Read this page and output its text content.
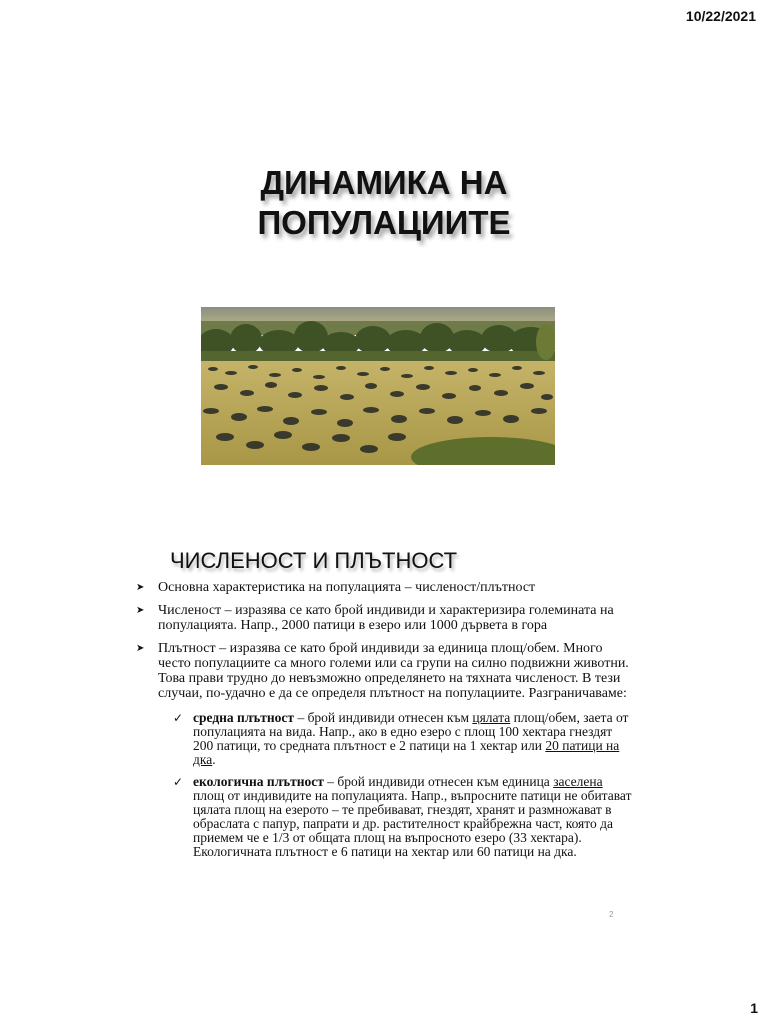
10/22/2021
ДИНАМИКА НА
ПОПУЛАЦИИТЕ
ЧИСЛЕНОСТ И ПЛЪТНОСТ
➤ Основна характеристика на популацията – численост/плътност
➤ Численост – изразява се като брой индивиди и характеризира големината на популацията. Напр., 2000 патици в езеро или 1000 дървета в гора
➤ Плътност – изразява се като брой индивиди за единица площ/обем. Много често популациите са много големи или са групи на силно подвижни животни. Това прави трудно до невъзможно определянето на тяхната численост. В тези случаи, по-удачно е да се определя плътност на популациите. Разграничаваме:
✓ средна плътност – брой индивиди отнесен към цялата площ/обем, заета от популацията на вида. Напр., ако в едно езеро с площ 100 хектара гнездят 200 патици, то средната плътност е 2 патици на 1 хектар или 20 патици на дка.
✓ екологична плътност – брой индивиди отнесен към единица заселена площ от индивидите на популацията. Напр., въпросните патици не обитават цялата площ на езерото – те пребивават, гнездят, хранят и размножават в обраслата с папур, папрати и др. растителност крайбрежна част, която да приемем че е 1/3 от общата площ на въпросното езеро (33 хектара). Екологичната плътност е 6 патици на хектар или 60 патици на дка.
2
1
